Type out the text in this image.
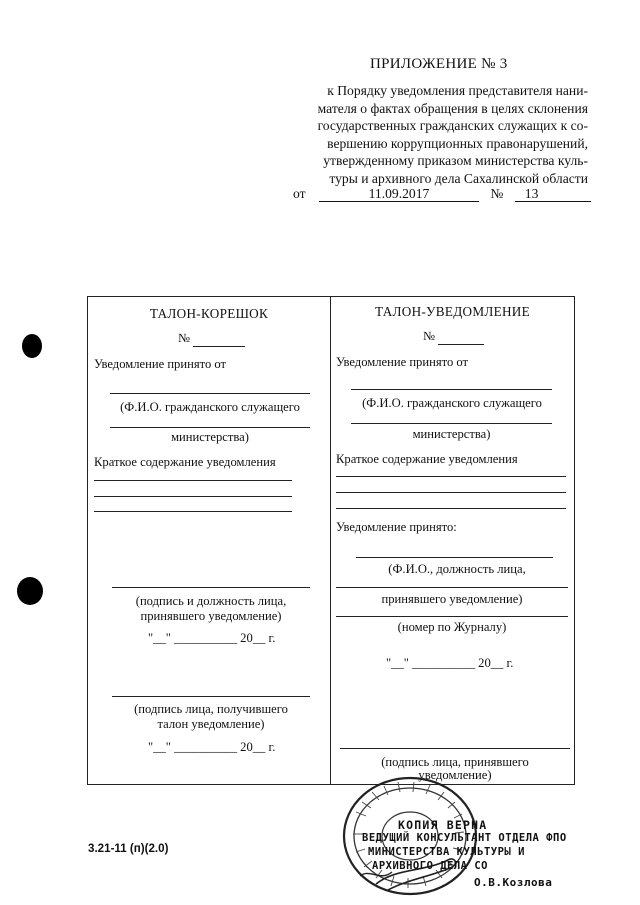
ПРИЛОЖЕНИЕ № 3
к Порядку уведомления представителя нани-
мателя о фактах обращения в целях склонения
государственных гражданских служащих к со-
вершению коррупционных правонарушений,
утвержденному приказом министерства куль-
туры и архивного дела Сахалинской области
от	11.09.2017	№ 13
ТАЛОН-КОРЕШОК
№
Уведомление принято от
(Ф.И.О. гражданского служащего
министерства)
Краткое содержание уведомления
(подпись и должность лица,
принявшего уведомление)
"__" __________ 20__ г.
(подпись лица, получившего
талон уведомление)
"__" __________ 20__ г.
ТАЛОН-УВЕДОМЛЕНИЕ
№
Уведомление принято от
(Ф.И.О. гражданского служащего
министерства)
Краткое содержание уведомления
Уведомление принято:
(Ф.И.О., должность лица,
принявшего уведомление)
(номер по Журналу)
"__" __________ 20__ г.
(подпись лица, принявшего
уведомление)
3.21-11 (п)(2.0)
КОПИЯ ВЕРНА
ВЕДУЩИЙ КОНСУЛЬТАНТ ОТДЕЛА ФПО
МИНИСТЕРСТВА КУЛЬТУРЫ И
АРХИВНОГО ДЕЛА СО
О.В.Козлова
